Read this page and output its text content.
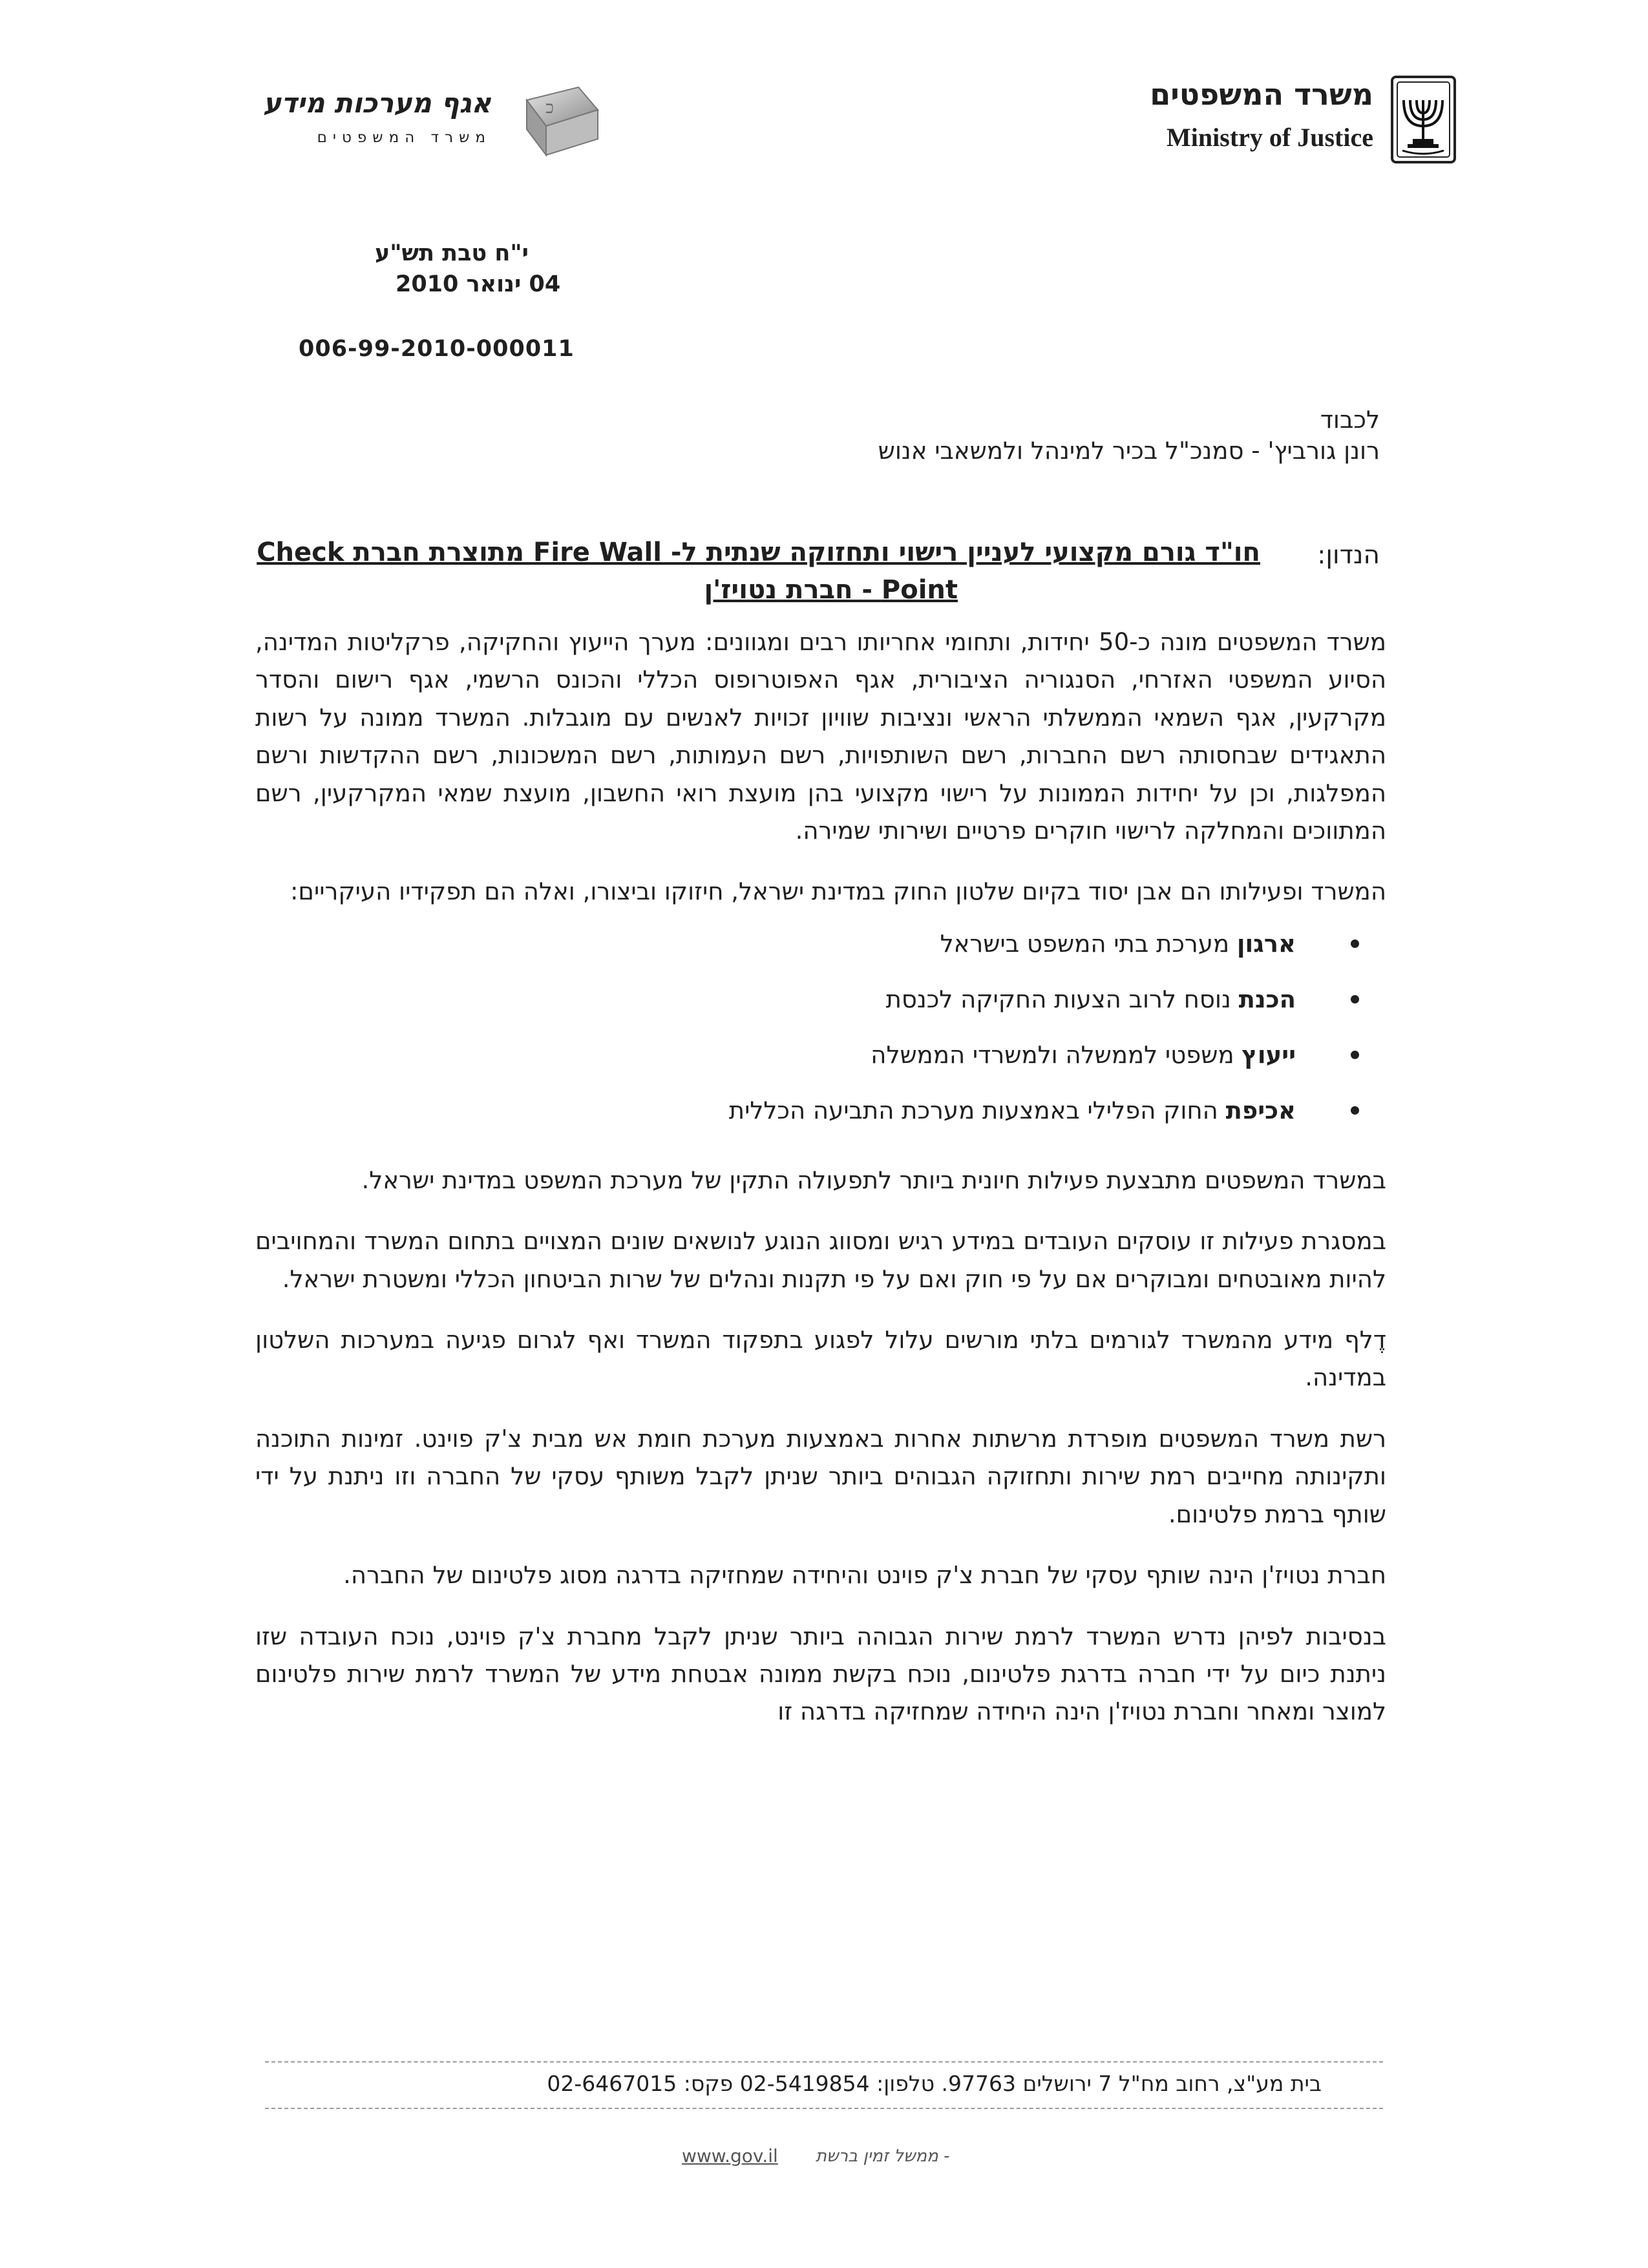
משרד המשפטים
Ministry of Justice
כ
אגף מערכות מידע
משרד המשפטים
י"ח טבת תש"ע
04 ינואר 2010
006-99-2010-000011
לכבוד
רונן גורביץ' - סמנכ"ל בכיר למינהל ולמשאבי אנוש
הנדון:
חו"ד גורם מקצועי לעניין רישוי ותחזוקה שנתית ל- Fire Wall מתוצרת חברת Check
Point - חברת נטויז'ן

משרד המשפטים מונה כ-50 יחידות, ותחומי אחריותו רבים ומגוונים: מערך הייעוץ והחקיקה, פרקליטות המדינה, הסיוע המשפטי האזרחי, הסנגוריה הציבורית, אגף האפוטרופוס הכללי והכונס הרשמי, אגף רישום והסדר מקרקעין, אגף השמאי הממשלתי הראשי ונציבות שוויון זכויות לאנשים עם מוגבלות. המשרד ממונה על רשות התאגידים שבחסותה רשם החברות, רשם השותפויות, רשם העמותות, רשם המשכונות, רשם ההקדשות ורשם המפלגות, וכן על יחידות הממונות על רישוי מקצועי בהן מועצת רואי החשבון, מועצת שמאי המקרקעין, רשם המתווכים והמחלקה לרישוי חוקרים פרטיים ושירותי שמירה.

המשרד ופעילותו הם אבן יסוד בקיום שלטון החוק במדינת ישראל, חיזוקו וביצורו, ואלה הם תפקידיו העיקריים:

ארגון מערכת בתי המשפט בישראל
הכנת נוסח לרוב הצעות החקיקה לכנסת
ייעוץ משפטי לממשלה ולמשרדי הממשלה
אכיפת החוק הפלילי באמצעות מערכת התביעה הכללית

במשרד המשפטים מתבצעת פעילות חיונית ביותר לתפעולה התקין של מערכת המשפט במדינת ישראל.

במסגרת פעילות זו עוסקים העובדים במידע רגיש ומסווג הנוגע לנושאים שונים המצויים בתחום המשרד והמחויבים להיות מאובטחים ומבוקרים אם על פי חוק ואם על פי תקנות ונהלים של שרות הביטחון הכללי ומשטרת ישראל.

דֶלף מידע מהמשרד לגורמים בלתי מורשים עלול לפגוע בתפקוד המשרד ואף לגרום פגיעה במערכות השלטון במדינה.

רשת משרד המשפטים מופרדת מרשתות אחרות באמצעות מערכת חומת אש מבית צ'ק פוינט. זמינות התוכנה ותקינותה מחייבים רמת שירות ותחזוקה הגבוהים ביותר שניתן לקבל משותף עסקי של החברה וזו ניתנת על ידי שותף ברמת פלטינום.

חברת נטויז'ן הינה שותף עסקי של חברת צ'ק פוינט והיחידה שמחזיקה בדרגה מסוג פלטינום של החברה.

בנסיבות לפיהן נדרש המשרד לרמת שירות הגבוהה ביותר שניתן לקבל מחברת צ'ק פוינט, נוכח העובדה שזו ניתנת כיום על ידי חברה בדרגת פלטינום, נוכח בקשת ממונה אבטחת מידע של המשרד לרמת שירות פלטינום למוצר ומאחר וחברת נטויז'ן הינה היחידה שמחזיקה בדרגה זו

בית מע"צ, רחוב מח"ל 7 ירושלים 97763. טלפון: 02-5419854 פקס: 02-6467015
www.gov.il - ממשל זמין ברשת
